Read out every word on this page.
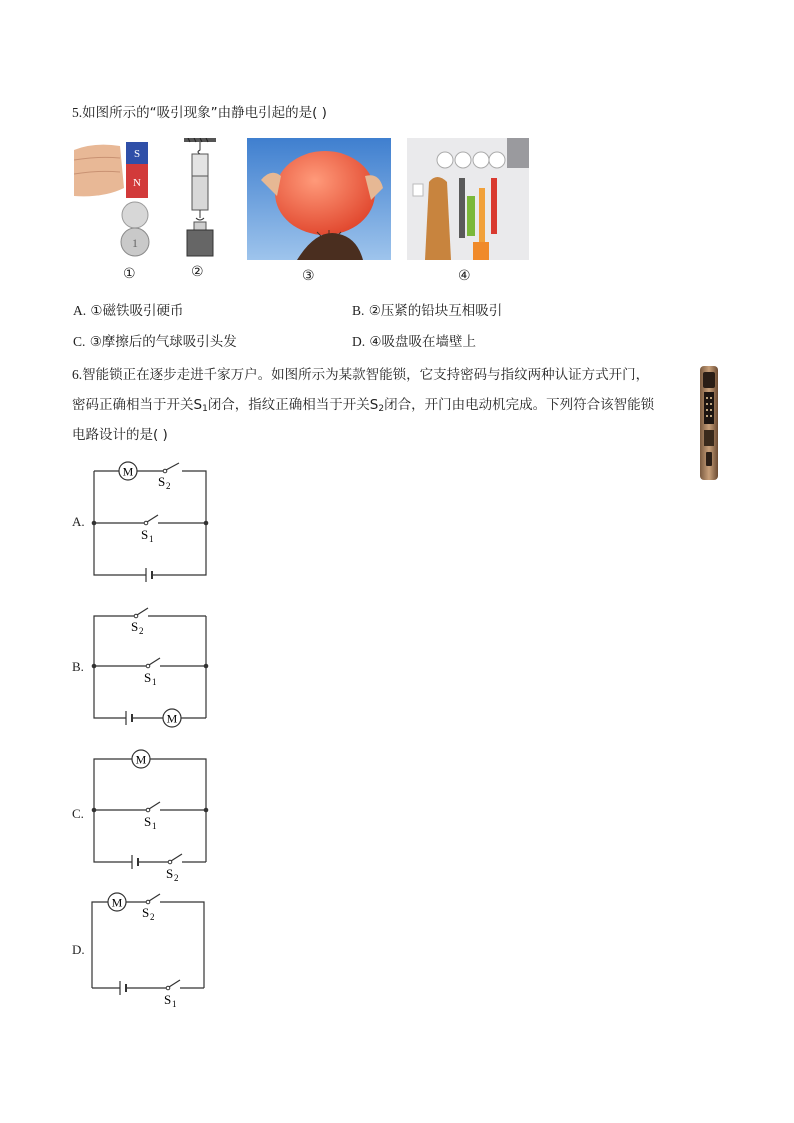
5.如图所示的“吸引现象”由静电引起的是( )
S
N
1
①	②	③	④
A. ①磁铁吸引硬币	B. ②压紧的铅块互相吸引
C. ③摩擦后的气球吸引头发	D. ④吸盘吸在墙壁上
6.智能锁正在逐步走进千家万户。如图所示为某款智能锁，它支持密码与指纹两种认证方式开门，
密码正确相当于开关$S_1$闭合，指纹正确相当于开关$S_2$闭合，开门由电动机完成。下列符合该智能锁
电路设计的是( )
A.
M
S 2
S 1
B.
S 2
S 1
M
C.
M
S 1
S 2
D.
M
S 2
S 1
